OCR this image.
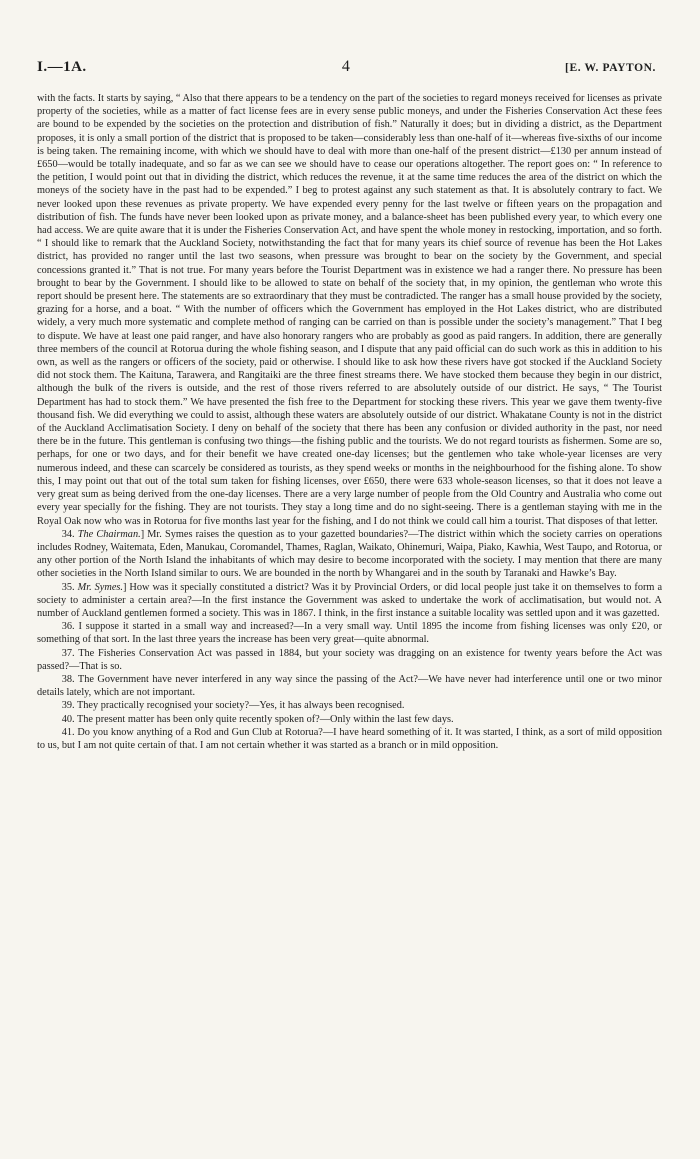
I.—1A.	4	[E. W. PAYTON.

with the facts. It starts by saying, “ Also that there appears to be a tendency on the part of the societies to regard moneys received for licenses as private property of the societies, while as a matter of fact license fees are in every sense public moneys, and under the Fisheries Conservation Act these fees are bound to be expended by the societies on the protection and distribution of fish.” Naturally it does; but in dividing a district, as the Department proposes, it is only a small portion of the district that is proposed to be taken—considerably less than one-half of it—whereas five-sixths of our income is being taken. The remaining income, with which we should have to deal with more than one-half of the present district—£130 per annum instead of £650—would be totally inadequate, and so far as we can see we should have to cease our operations altogether. The report goes on: “ In reference to the petition, I would point out that in dividing the district, which reduces the revenue, it at the same time reduces the area of the district on which the moneys of the society have in the past had to be expended.” I beg to protest against any such statement as that. It is absolutely contrary to fact. We never looked upon these revenues as private property. We have expended every penny for the last twelve or fifteen years on the propagation and distribution of fish. The funds have never been looked upon as private money, and a balance-sheet has been published every year, to which every one had access. We are quite aware that it is under the Fisheries Conservation Act, and have spent the whole money in restocking, importation, and so forth. “ I should like to remark that the Auckland Society, notwithstanding the fact that for many years its chief source of revenue has been the Hot Lakes district, has provided no ranger until the last two seasons, when pressure was brought to bear on the society by the Government, and special concessions granted it.” That is not true. For many years before the Tourist Department was in existence we had a ranger there. No pressure has been brought to bear by the Government. I should like to be allowed to state on behalf of the society that, in my opinion, the gentleman who wrote this report should be present here. The statements are so extraordinary that they must be contradicted. The ranger has a small house provided by the society, grazing for a horse, and a boat. “ With the number of officers which the Government has employed in the Hot Lakes district, who are distributed widely, a very much more systematic and complete method of ranging can be carried on than is possible under the society’s management.” That I beg to dispute. We have at least one paid ranger, and have also honorary rangers who are probably as good as paid rangers. In addition, there are generally three members of the council at Rotorua during the whole fishing season, and I dispute that any paid official can do such work as this in addition to his own, as well as the rangers or officers of the society, paid or otherwise. I should like to ask how these rivers have got stocked if the Auckland Society did not stock them. The Kaituna, Tarawera, and Rangitaiki are the three finest streams there. We have stocked them because they begin in our district, although the bulk of the rivers is outside, and the rest of those rivers referred to are absolutely outside of our district. He says, “ The Tourist Department has had to stock them.” We have presented the fish free to the Department for stocking these rivers. This year we gave them twenty-five thousand fish. We did everything we could to assist, although these waters are absolutely outside of our district. Whakatane County is not in the district of the Auckland Acclimatisation Society. I deny on behalf of the society that there has been any confusion or divided authority in the past, nor need there be in the future. This gentleman is confusing two things—the fishing public and the tourists. We do not regard tourists as fishermen. Some are so, perhaps, for one or two days, and for their benefit we have created one-day licenses; but the gentlemen who take whole-year licenses are very numerous indeed, and these can scarcely be considered as tourists, as they spend weeks or months in the neighbourhood for the fishing alone. To show this, I may point out that out of the total sum taken for fishing licenses, over £650, there were 633 whole-season licenses, so that it does not leave a very great sum as being derived from the one-day licenses. There are a very large number of people from the Old Country and Australia who come out every year specially for the fishing. They are not tourists. They stay a long time and do no sight-seeing. There is a gentleman staying with me in the Royal Oak now who was in Rotorua for five months last year for the fishing, and I do not think we could call him a tourist. That disposes of that letter.

34. The Chairman.] Mr. Symes raises the question as to your gazetted boundaries?—The district within which the society carries on operations includes Rodney, Waitemata, Eden, Manukau, Coromandel, Thames, Raglan, Waikato, Ohinemuri, Waipa, Piako, Kawhia, West Taupo, and Rotorua, or any other portion of the North Island the inhabitants of which may desire to become incorporated with the society. I may mention that there are many other societies in the North Island similar to ours. We are bounded in the north by Whangarei and in the south by Taranaki and Hawke’s Bay.

35. Mr. Symes.] How was it specially constituted a district? Was it by Provincial Orders, or did local people just take it on themselves to form a society to administer a certain area?—In the first instance the Government was asked to undertake the work of acclimatisation, but would not. A number of Auckland gentlemen formed a society. This was in 1867. I think, in the first instance a suitable locality was settled upon and it was gazetted.

36. I suppose it started in a small way and increased?—In a very small way. Until 1895 the income from fishing licenses was only £20, or something of that sort. In the last three years the increase has been very great—quite abnormal.

37. The Fisheries Conservation Act was passed in 1884, but your society was dragging on an existence for twenty years before the Act was passed?—That is so.

38. The Government have never interfered in any way since the passing of the Act?—We have never had interference until one or two minor details lately, which are not important.

39. They practically recognised your society?—Yes, it has always been recognised.

40. The present matter has been only quite recently spoken of?—Only within the last few days.

41. Do you know anything of a Rod and Gun Club at Rotorua?—I have heard something of it. It was started, I think, as a sort of mild opposition to us, but I am not quite certain of that. I am not certain whether it was started as a branch or in mild opposition.
